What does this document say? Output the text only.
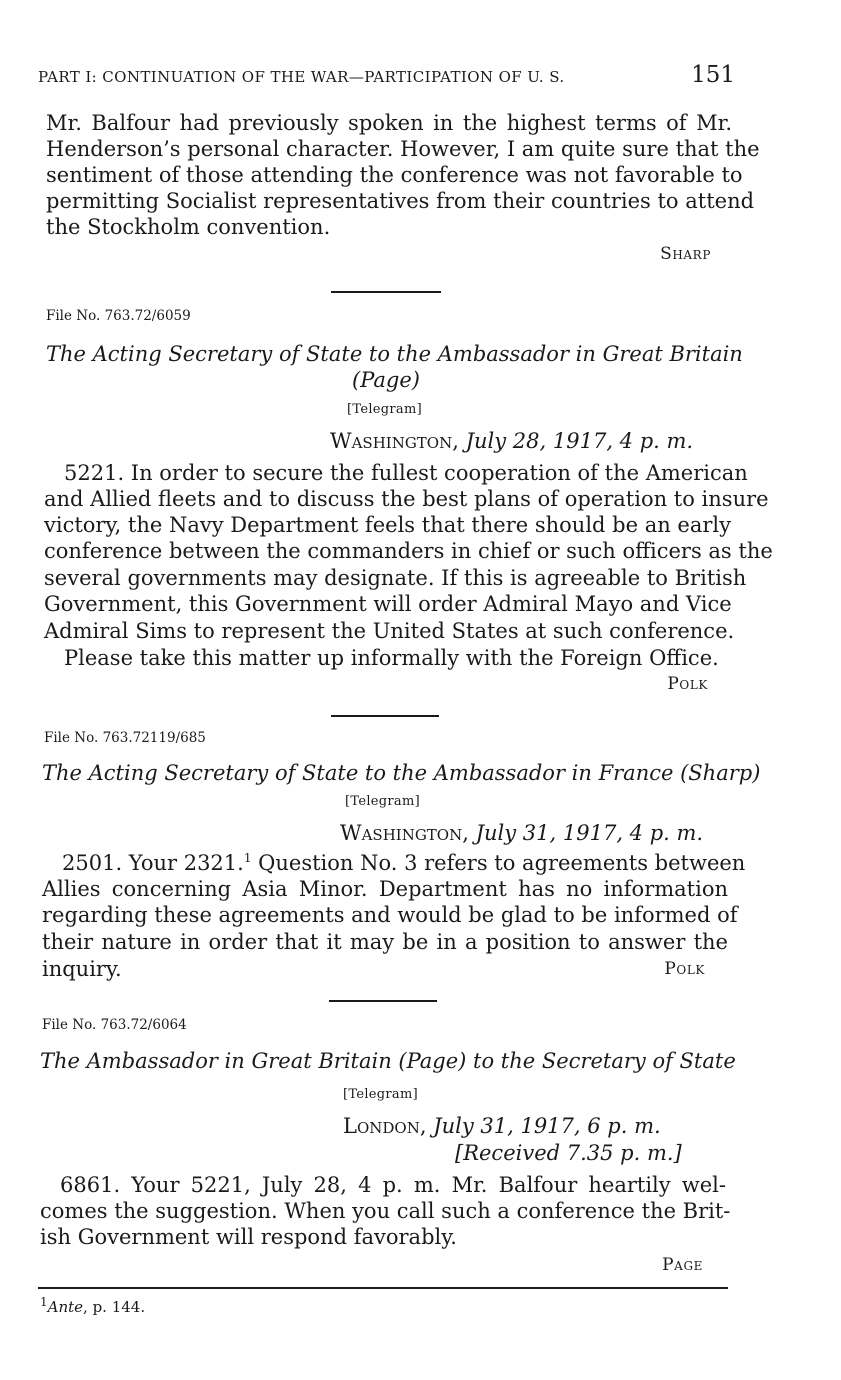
PART I: CONTINUATION OF THE WAR—PARTICIPATION OF U. S.	151
Mr. Balfour had previously spoken in the highest terms of Mr.
Henderson’s personal character. However, I am quite sure that the
sentiment of those attending the conference was not favorable to
permitting Socialist representatives from their countries to attend
the Stockholm convention.
Sharp
File No. 763.72/6059
The Acting Secretary of State to the Ambassador in Great Britain
(Page)
[Telegram]
Washington, July 28, 1917, 4 p. m.
5221. In order to secure the fullest cooperation of the American
and Allied fleets and to discuss the best plans of operation to insure
victory, the Navy Department feels that there should be an early
conference between the commanders in chief or such officers as the
several governments may designate. If this is agreeable to British
Government, this Government will order Admiral Mayo and Vice
Admiral Sims to represent the United States at such conference.
Please take this matter up informally with the Foreign Office.
Polk
File No. 763.72119/685
The Acting Secretary of State to the Ambassador in France (Sharp)
[Telegram]
Washington, July 31, 1917, 4 p. m.
2501. Your 2321.$^1$ Question No. 3 refers to agreements between
Allies concerning Asia Minor. Department has no information
regarding these agreements and would be glad to be informed of
their nature in order that it may be in a position to answer the
inquiry.	Polk
File No. 763.72/6064
The Ambassador in Great Britain (Page) to the Secretary of State
[Telegram]
London, July 31, 1917, 6 p. m.
[Received 7.35 p. m.]
6861. Your 5221, July 28, 4 p. m. Mr. Balfour heartily wel-
comes the suggestion. When you call such a conference the Brit-
ish Government will respond favorably.
Page
$^1$Ante, p. 144.
